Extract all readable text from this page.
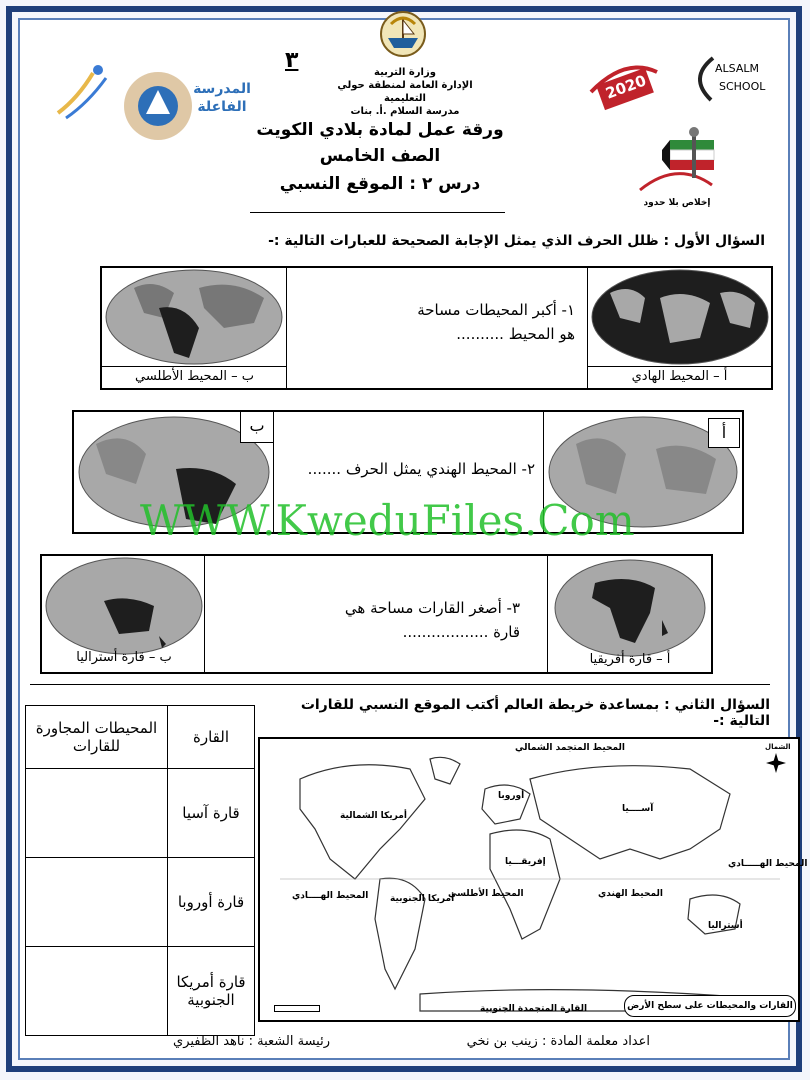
وزارة التربية
الإدارة العامة لمنطقة حولي التعليمية
مدرسة السلام .أ. بنات
٣
المدرسة الفاعلة
ALSALM
SCHOOL
2020
إخلاص بلا حدود
ورقة عمل لمادة بلادي الكويت
الصف الخامس
درس ٢ : الموقع النسبي
السؤال الأول : ظلل الحرف الذي يمثل الإجابة الصحيحة للعبارات التالية :-
ب – المحيط الأطلسي
١- أكبر المحيطات مساحة هو المحيط ..........
أ – المحيط الهادي
ب
٢- المحيط الهندي يمثل الحرف .......
أ
ب – قارة أستراليا
٣- أصغر القارات مساحة هي قارة ..................
أ – قارة أفريقيا
WWW.KweduFiles.Com
السؤال الثاني : بمساعدة خريطة العالم أكتب الموقع النسبي للقارات التالية :-
القارة	المحيطات المجاورة للقارات
قارة آسيا	
قارة أوروبا	
قارة أمريكا الجنوبية	
المحيط المتجمد الشمالي	الشمال
أوروبا
أمريكا الشمالية
آســــيا
إفريقـــيا	المحيط الهـــــادي
المحيط الهــــادي أمريكا الجنوبية
المحيط الأطلسي	المحيط الهندي
أستراليا
القارة المتجمدة الجنوبية	القارات والمحيطات على سطح الأرض
اعداد معلمة المادة : زينب بن نخي
رئيسة الشعبة : ناهد الظفيري
